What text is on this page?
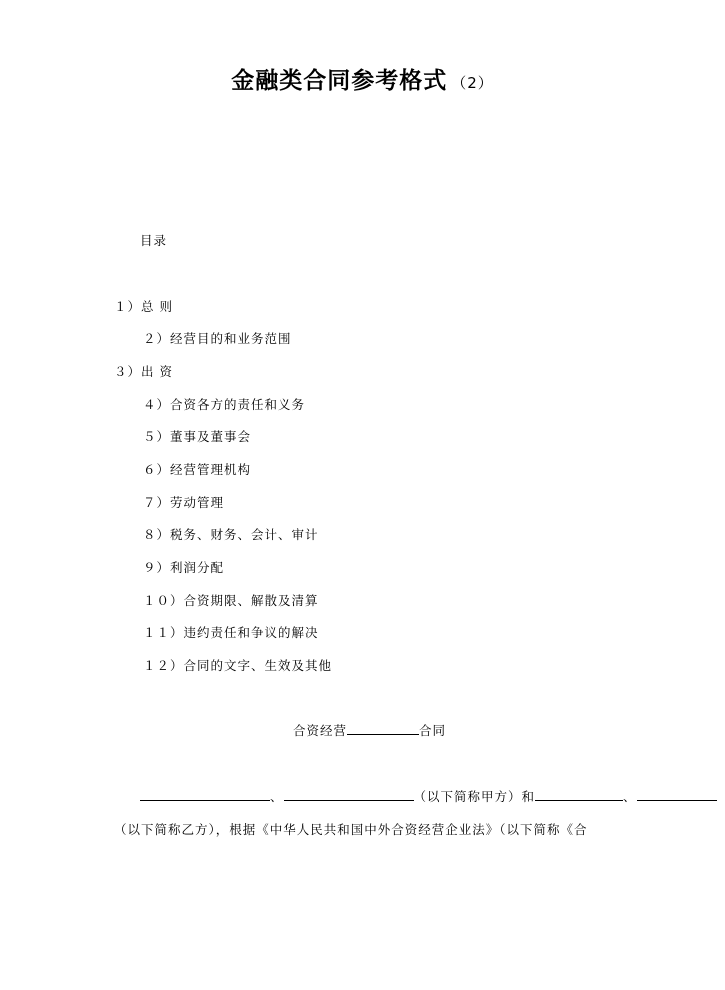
金融类合同参考格式 （2）
目录
１）总 则
２）经营目的和业务范围
３）出 资
４）合资各方的责任和义务
５）董事及董事会
６）经营管理机构
７）劳动管理
８）税务、财务、会计、审计
９）利润分配
１０）合资期限、解散及清算
１１）违约责任和争议的解决
１２）合同的文字、生效及其他
合资经营	合同
、	（以下简称甲方）和	、
（以下简称乙方），根据《中华人民共和国中外合资经营企业法》（以下简称《合
